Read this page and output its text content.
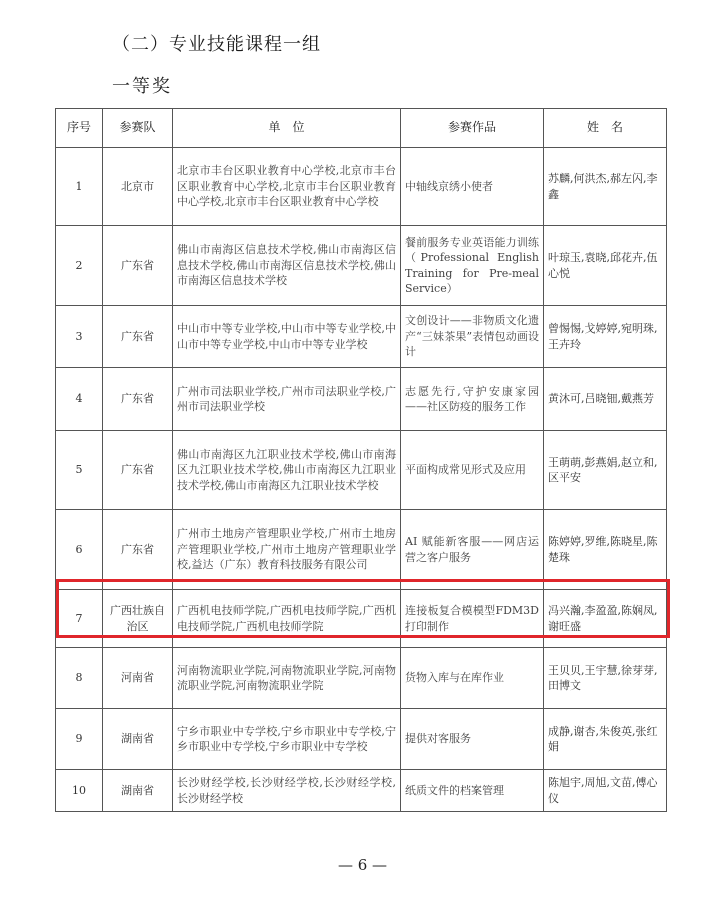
（二）专业技能课程一组
一等奖
序号	参赛队	单　位	参赛作品	姓　名
1	北京市	北京市丰台区职业教育中心学校,北京市丰台区职业教育中心学校,北京市丰台区职业教育中心学校,北京市丰台区职业教育中心学校	中轴线京绣小使者	苏麟,何洪杰,郝左闪,李鑫
2	广东省	佛山市南海区信息技术学校,佛山市南海区信息技术学校,佛山市南海区信息技术学校,佛山市南海区信息技术学校	餐前服务专业英语能力训练（Professional English Training for Pre-meal Service）	叶琼玉,袁晓,邱花卉,伍心悦
3	广东省	中山市中等专业学校,中山市中等专业学校,中山市中等专业学校,中山市中等专业学校	文创设计——非物质文化遗产“三妹茶果”表情包动画设计	曾惕惕,戈婷婷,宛明珠,王卉玲
4	广东省	广州市司法职业学校,广州市司法职业学校,广州市司法职业学校	志愿先行,守护安康家园——社区防疫的服务工作	黄沐可,吕晓钿,戴燕芳
5	广东省	佛山市南海区九江职业技术学校,佛山市南海区九江职业技术学校,佛山市南海区九江职业技术学校,佛山市南海区九江职业技术学校	平面构成常见形式及应用	王萌萌,彭燕娟,赵立和,区平安
6	广东省	广州市土地房产管理职业学校,广州市土地房产管理职业学校,广州市土地房产管理职业学校,益达（广东）教育科技服务有限公司	AI 赋能新客服——网店运营之客户服务	陈婷婷,罗维,陈晓星,陈楚珠
7	广西壮族自治区	广西机电技师学院,广西机电技师学院,广西机电技师学院,广西机电技师学院	连接板复合模模型FDM3D 打印制作	冯兴瀚,李盈盈,陈娴凤,谢旺盛
8	河南省	河南物流职业学院,河南物流职业学院,河南物流职业学院,河南物流职业学院	货物入库与在库作业	王贝贝,王宇慧,徐芽芽,田博文
9	湖南省	宁乡市职业中专学校,宁乡市职业中专学校,宁乡市职业中专学校,宁乡市职业中专学校	提供对客服务	成静,谢杏,朱俊英,张红娟
10	湖南省	长沙财经学校,长沙财经学校,长沙财经学校,长沙财经学校	纸质文件的档案管理	陈旭宇,周旭,文苗,傅心仪
— 6 —
